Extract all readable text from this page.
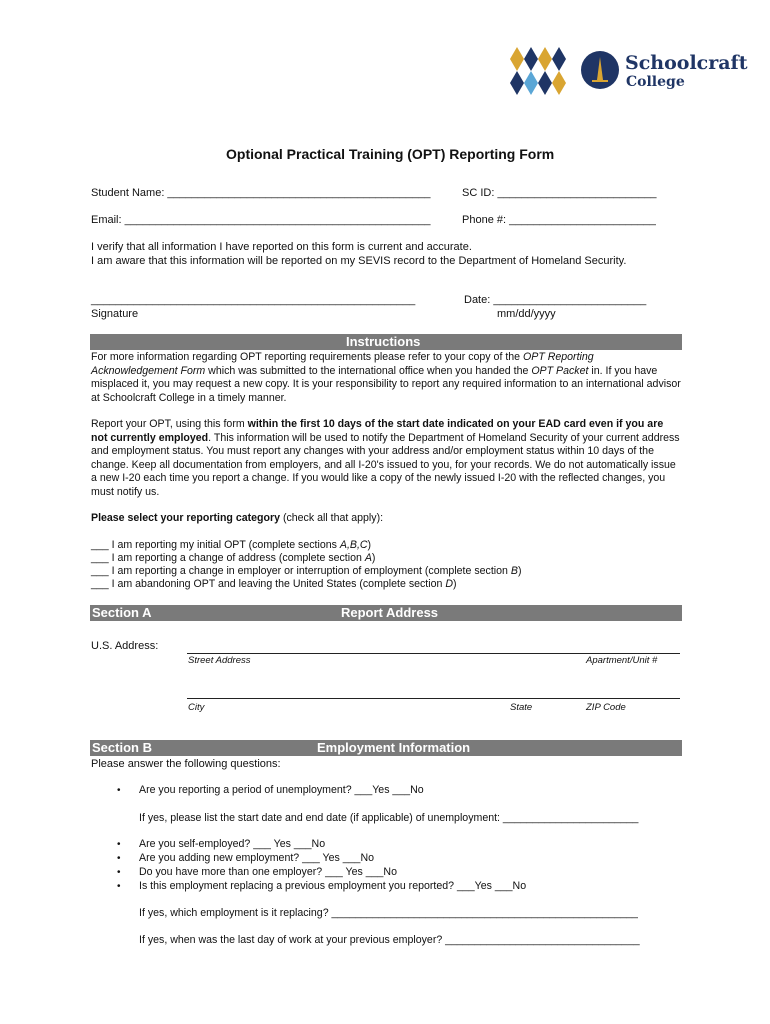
Schoolcraft
College
Optional Practical Training (OPT) Reporting Form
Student Name: ___________________________________________	SC ID: __________________________
Email: __________________________________________________	Phone #: ________________________
I verify that all information I have reported on this form is current and accurate.
I am aware that this information will be reported on my SEVIS record to the Department of Homeland Security.
_____________________________________________________
Signature
Date: _________________________
mm/dd/yyyy
Instructions
For more information regarding OPT reporting requirements please refer to your copy of the OPT Reporting Acknowledgement Form which was submitted to the international office when you handed the OPT Packet in. If you have misplaced it, you may request a new copy. It is your responsibility to report any required information to an international advisor at Schoolcraft College in a timely manner.
Report your OPT, using this form within the first 10 days of the start date indicated on your EAD card even if you are not currently employed. This information will be used to notify the Department of Homeland Security of your current address and employment status. You must report any changes with your address and/or employment status within 10 days of the change. Keep all documentation from employers, and all I-20's issued to you, for your records. We do not automatically issue a new I-20 each time you report a change. If you would like a copy of the newly issued I-20 with the reflected changes, you must notify us.
Please select your reporting category (check all that apply):
___ I am reporting my initial OPT (complete sections A,B,C)
___ I am reporting a change of address (complete section A)
___ I am reporting a change in employer or interruption of employment (complete section B)
___ I am abandoning OPT and leaving the United States (complete section D)
Section A	Report Address
U.S. Address:
Street Address	Apartment/Unit #
City	State	ZIP Code
Section B	Employment Information
Please answer the following questions:
• Are you reporting a period of unemployment? ___Yes ___No
If yes, please list the start date and end date (if applicable) of unemployment: _______________________
• Are you self-employed? ___ Yes ___No
• Are you adding new employment? ___ Yes ___No
• Do you have more than one employer? ___ Yes ___No
• Is this employment replacing a previous employment you reported? ___Yes ___No
If yes, which employment is it replacing? ____________________________________________________
If yes, when was the last day of work at your previous employer? _________________________________
